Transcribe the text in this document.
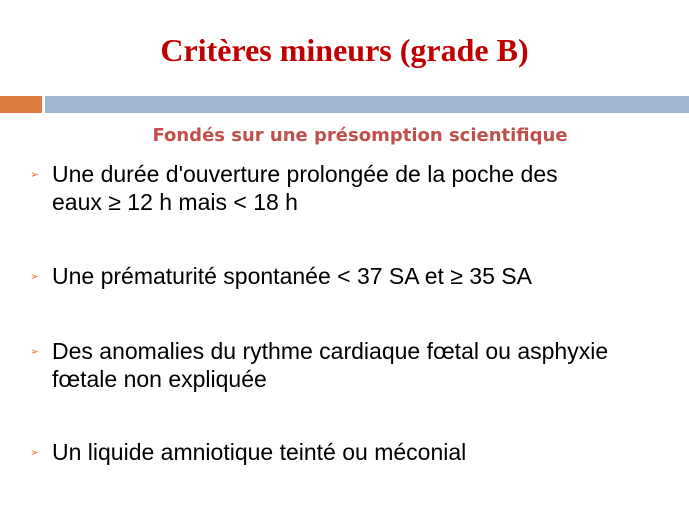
Critères mineurs (grade B)
Fondés sur une présomption scientifique
➢ Une durée d'ouverture prolongée de la poche des
eaux ≥ 12 h mais < 18 h
➢ Une prématurité spontanée < 37 SA et ≥ 35 SA
➢ Des anomalies du rythme cardiaque fœtal ou asphyxie
fœtale non expliquée
➢ Un liquide amniotique teinté ou méconial
